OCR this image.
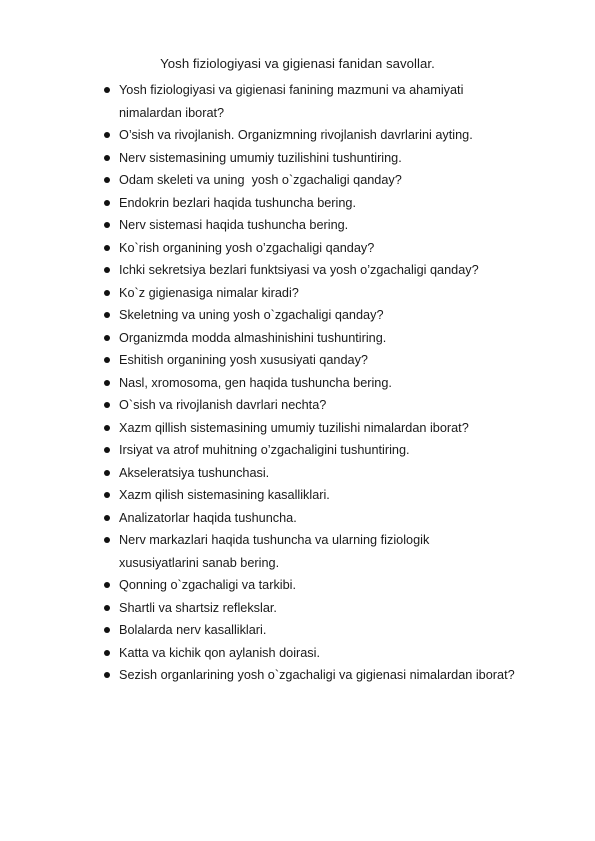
Yosh fiziologiyasi va gigienasi fanidan savollar.
Yosh fiziologiyasi va gigienasi fanining mazmuni va ahamiyati
nimalardan iborat?
O’sish va rivojlanish. Organizmning rivojlanish davrlarini ayting.
Nerv sistemasining umumiy tuzilishini tushuntiring.
Odam skeleti va uning  yosh o`zgachaligi qanday?
Endokrin bezlari haqida tushuncha bering.
Nerv sistemasi haqida tushuncha bering.
Ko`rish organining yosh o’zgachaligi qanday?
Ichki sekretsiya bezlari funktsiyasi va yosh o’zgachaligi qanday?
Ko`z gigienasiga nimalar kiradi?
Skeletning va uning yosh o`zgachaligi qanday?
Organizmda modda almashinishini tushuntiring.
Eshitish organining yosh xususiyati qanday?
Nasl, xromosoma, gen haqida tushuncha bering.
O`sish va rivojlanish davrlari nechta?
Xazm qillish sistemasining umumiy tuzilishi nimalardan iborat?
Irsiyat va atrof muhitning o’zgachaligini tushuntiring.
Akseleratsiya tushunchasi.
Xazm qilish sistemasining kasalliklari.
Analizatorlar haqida tushuncha.
Nerv markazlari haqida tushuncha va ularning fiziologik
xususiyatlarini sanab bering.
Qonning o`zgachaligi va tarkibi.
Shartli va shartsiz reflekslar.
Bolalarda nerv kasalliklari.
Katta va kichik qon aylanish doirasi.
Sezish organlarining yosh o`zgachaligi va gigienasi nimalardan iborat?
